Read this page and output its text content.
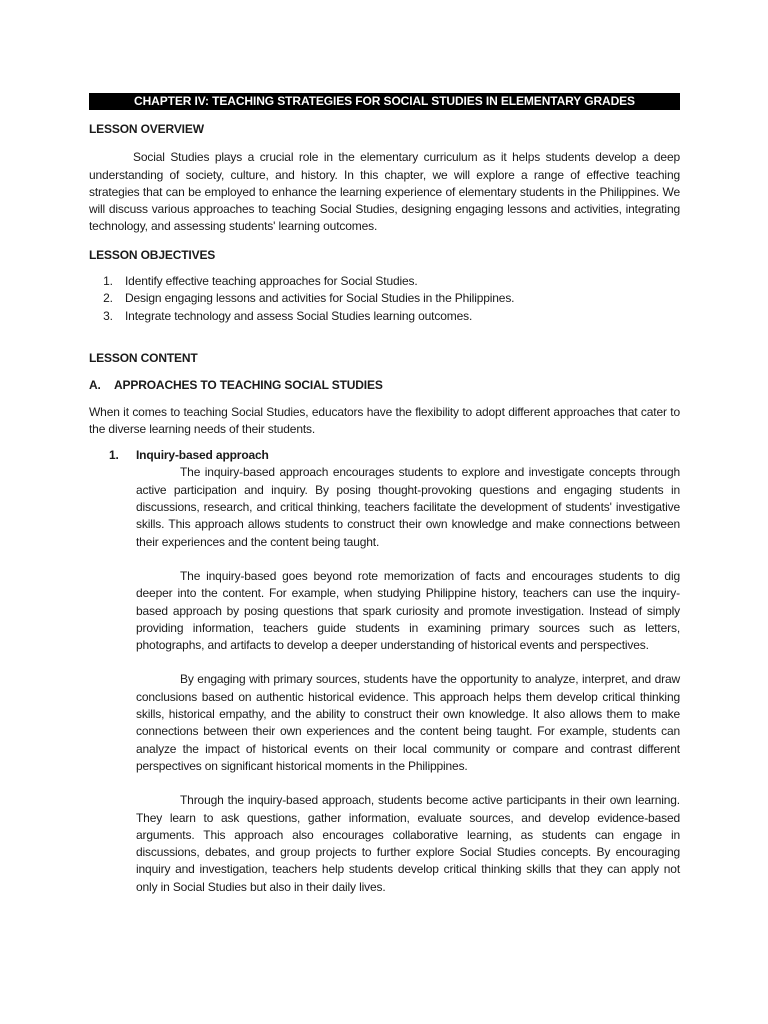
CHAPTER IV: TEACHING STRATEGIES FOR SOCIAL STUDIES IN ELEMENTARY GRADES
LESSON OVERVIEW

Social Studies plays a crucial role in the elementary curriculum as it helps students develop a deep understanding of society, culture, and history. In this chapter, we will explore a range of effective teaching strategies that can be employed to enhance the learning experience of elementary students in the Philippines. We will discuss various approaches to teaching Social Studies, designing engaging lessons and activities, integrating technology, and assessing students' learning outcomes.

LESSON OBJECTIVES
1. Identify effective teaching approaches for Social Studies.
2. Design engaging lessons and activities for Social Studies in the Philippines.
3. Integrate technology and assess Social Studies learning outcomes.
LESSON CONTENT
A.	APPROACHES TO TEACHING SOCIAL STUDIES

When it comes to teaching Social Studies, educators have the flexibility to adopt different approaches that cater to the diverse learning needs of their students.

1.	Inquiry-based approach

The inquiry-based approach encourages students to explore and investigate concepts through active participation and inquiry. By posing thought-provoking questions and engaging students in discussions, research, and critical thinking, teachers facilitate the development of students' investigative skills. This approach allows students to construct their own knowledge and make connections between their experiences and the content being taught.

The inquiry-based goes beyond rote memorization of facts and encourages students to dig deeper into the content. For example, when studying Philippine history, teachers can use the inquiry-based approach by posing questions that spark curiosity and promote investigation. Instead of simply providing information, teachers guide students in examining primary sources such as letters, photographs, and artifacts to develop a deeper understanding of historical events and perspectives.

By engaging with primary sources, students have the opportunity to analyze, interpret, and draw conclusions based on authentic historical evidence. This approach helps them develop critical thinking skills, historical empathy, and the ability to construct their own knowledge. It also allows them to make connections between their own experiences and the content being taught. For example, students can analyze the impact of historical events on their local community or compare and contrast different perspectives on significant historical moments in the Philippines.

Through the inquiry-based approach, students become active participants in their own learning. They learn to ask questions, gather information, evaluate sources, and develop evidence-based arguments. This approach also encourages collaborative learning, as students can engage in discussions, debates, and group projects to further explore Social Studies concepts. By encouraging inquiry and investigation, teachers help students develop critical thinking skills that they can apply not only in Social Studies but also in their daily lives.
